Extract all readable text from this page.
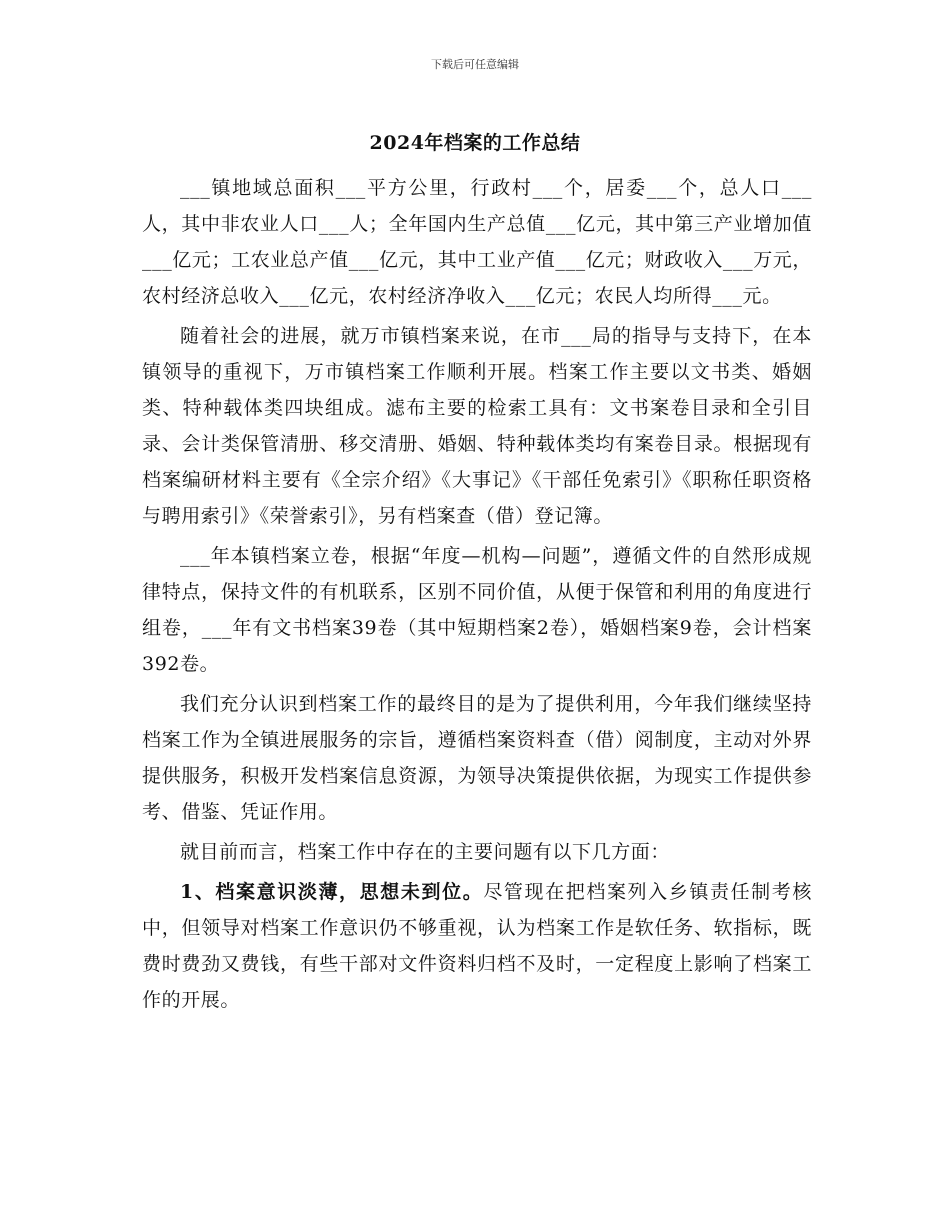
下载后可任意编辑
2024年档案的工作总结

___镇地域总面积___平方公里，行政村___个，居委___个，总人口___人，其中非农业人口___人；全年国内生产总值___亿元，其中第三产业增加值___亿元；工农业总产值___亿元，其中工业产值___亿元；财政收入___万元，农村经济总收入___亿元，农村经济净收入___亿元；农民人均所得___元。

随着社会的进展，就万市镇档案来说，在市___局的指导与支持下，在本镇领导的重视下，万市镇档案工作顺利开展。档案工作主要以文书类、婚姻类、特种载体类四块组成。滤布主要的检索工具有：文书案卷目录和全引目录、会计类保管清册、移交清册、婚姻、特种载体类均有案卷目录。根据现有档案编研材料主要有《全宗介绍》《大事记》《干部任免索引》《职称任职资格与聘用索引》《荣誉索引》，另有档案查（借）登记簿。

___年本镇档案立卷，根据“年度—机构—问题”，遵循文件的自然形成规律特点，保持文件的有机联系，区别不同价值，从便于保管和利用的角度进行组卷，___年有文书档案39卷（其中短期档案2卷），婚姻档案9卷，会计档案392卷。

我们充分认识到档案工作的最终目的是为了提供利用，今年我们继续坚持档案工作为全镇进展服务的宗旨，遵循档案资料查（借）阅制度，主动对外界提供服务，积极开发档案信息资源，为领导决策提供依据，为现实工作提供参考、借鉴、凭证作用。

就目前而言，档案工作中存在的主要问题有以下几方面：

1、档案意识淡薄，思想未到位。尽管现在把档案列入乡镇责任制考核中，但领导对档案工作意识仍不够重视，认为档案工作是软任务、软指标，既费时费劲又费钱，有些干部对文件资料归档不及时，一定程度上影响了档案工作的开展。
